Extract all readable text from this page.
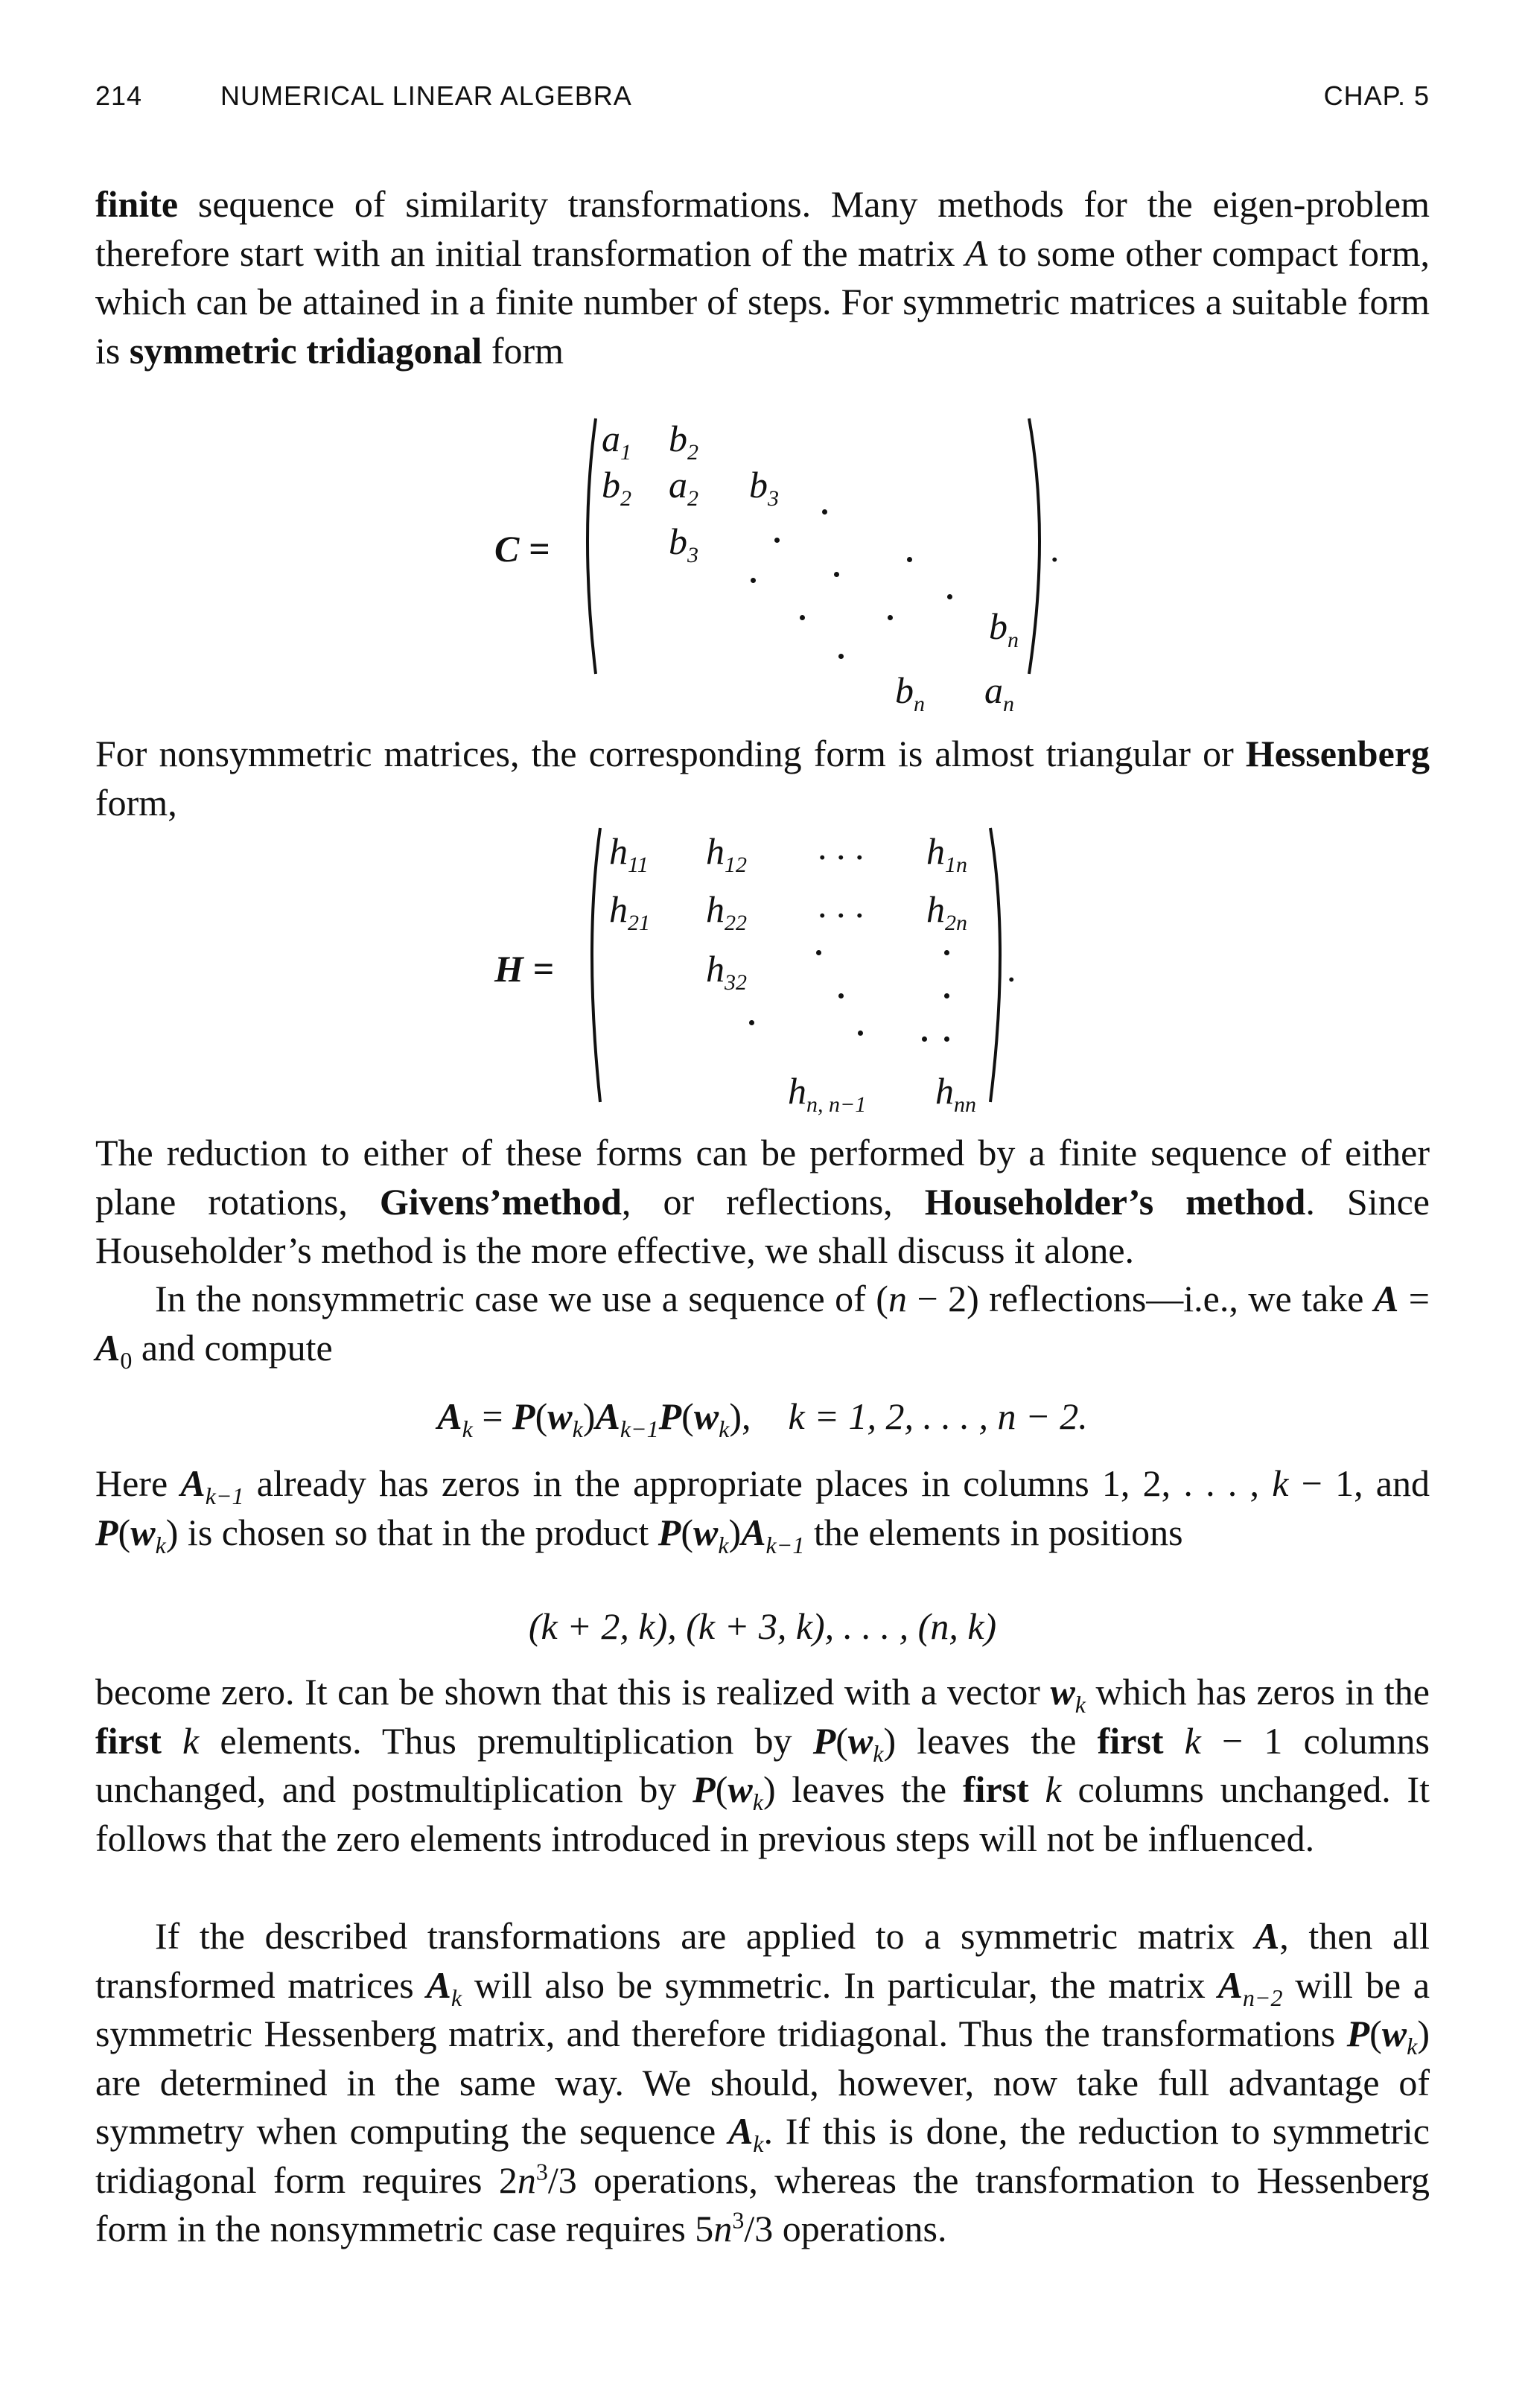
214	NUMERICAL LINEAR ALGEBRA	CHAP. 5
finite sequence of similarity transformations. Many methods for the eigen-problem therefore start with an initial transformation of the matrix A to some other compact form, which can be attained in a finite number of steps. For symmetric matrices a suitable form is symmetric tridiagonal form
C =
$a_1$ $b_2$
$b_2$ $a_2$ $b_3$
$b_3$
$b_n$
$b_n$ $a_n$
.
For nonsymmetric matrices, the corresponding form is almost triangular or Hessenberg form,
H =
$h_{11}$ $h_{12}$ . . . $h_{1n}$
$h_{21}$ $h_{22}$ . . . $h_{2n}$
$h_{32}$
$h_{n, n-1}$ $h_{nn}$
.
The reduction to either of these forms can be performed by a finite sequence of either plane rotations, Givens’method, or reflections, Householder’s method. Since Householder’s method is the more effective, we shall discuss it alone.
In the nonsymmetric case we use a sequence of (n − 2) reflections—i.e., we take $A = A_0$ and compute
$A_k = P(w_k)A_{k-1}P(w_k)$,    k = 1, 2, . . . , n − 2.
Here $A_{k-1}$ already has zeros in the appropriate places in columns 1, 2, . . . , k − 1, and $P(w_k)$ is chosen so that in the product $P(w_k)A_{k-1}$ the elements in positions
(k + 2, k), (k + 3, k), . . . , (n, k)
become zero. It can be shown that this is realized with a vector $w_k$ which has zeros in the first k elements. Thus premultiplication by $P(w_k)$ leaves the first k − 1 columns unchanged, and postmultiplication by $P(w_k)$ leaves the first k columns unchanged. It follows that the zero elements introduced in previous steps will not be influenced.
If the described transformations are applied to a symmetric matrix A, then all transformed matrices $A_k$ will also be symmetric. In particular, the matrix $A_{n-2}$ will be a symmetric Hessenberg matrix, and therefore tridiagonal. Thus the transformations $P(w_k)$ are determined in the same way. We should, however, now take full advantage of symmetry when computing the sequence $A_k$. If this is done, the reduction to symmetric tridiagonal form requires $2n^3/3$ operations, whereas the transformation to Hessenberg form in the nonsymmetric case requires $5n^3/3$ operations.
